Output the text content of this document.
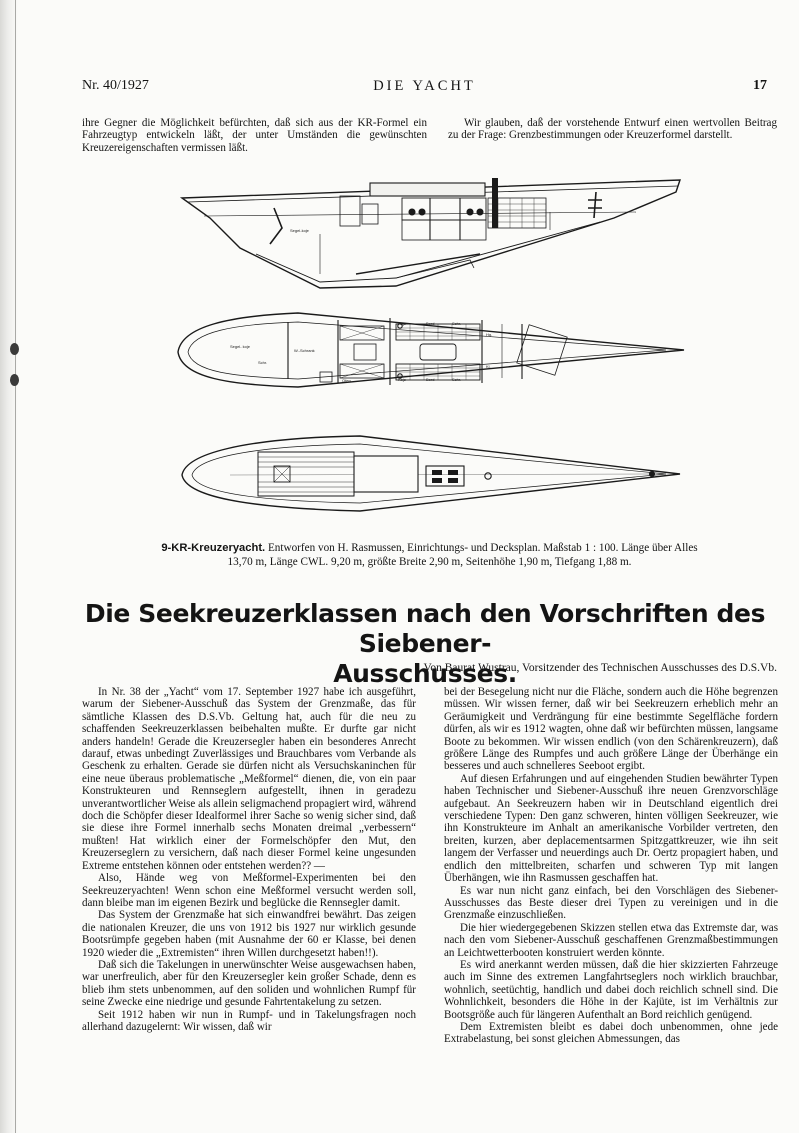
Nr. 40/1927	DIE YACHT	17

ihre Gegner die Möglichkeit befürchten, daß sich aus der KR-Formel ein Fahrzeugtyp entwickeln läßt, der unter Umständen die gewünschten Kreuzereigenschaften vermissen läßt.

Wir glauben, daß der vorstehende Entwurf einen wertvollen Beitrag zu der Frage: Grenzbestimmungen oder Kreuzerformel darstellt.

Segel-koje
Segel- koje
W.-Schrank
Schr.
Bord
Koje
Hg.
Schr.
Kl.
Ofen	Koje	Bord	Schr.
9-KR-Kreuzeryacht. Entworfen von H. Rasmussen, Einrichtungs- und Decksplan. Maßstab 1 : 100. Länge über Alles
13,70 m, Länge CWL. 9,20 m, größte Breite 2,90 m, Seitenhöhe 1,90 m, Tiefgang 1,88 m.
Die Seekreuzerklassen nach den Vorschriften des Siebener-
Ausschusses.
Von Baurat Wustrau, Vorsitzender des Technischen Ausschusses des D.S.Vb.

In Nr. 38 der „Yacht“ vom 17. September 1927 habe ich ausgeführt, warum der Siebener-Ausschuß das System der Grenzmaße, das für sämtliche Klassen des D.S.Vb. Geltung hat, auch für die neu zu schaffenden Seekreuzerklassen beibehalten mußte. Er durfte gar nicht anders handeln! Gerade die Kreuzersegler haben ein besonderes Anrecht darauf, etwas unbedingt Zuverlässiges und Brauchbares vom Verbande als Geschenk zu erhalten. Gerade sie dürfen nicht als Versuchskaninchen für eine neue überaus problematische „Meßformel“ dienen, die, von ein paar Konstrukteuren und Rennseglern aufgestellt, ihnen in geradezu unverantwortlicher Weise als allein seligmachend propagiert wird, während doch die Schöpfer dieser Idealformel ihrer Sache so wenig sicher sind, daß sie diese ihre Formel innerhalb sechs Monaten dreimal „verbessern“ mußten! Hat wirklich einer der Formelschöpfer den Mut, den Kreuzerseglern zu versichern, daß nach dieser Formel keine ungesunden Extreme entstehen können oder entstehen werden?? —

Also, Hände weg von Meßformel-Experimenten bei den Seekreuzeryachten! Wenn schon eine Meßformel versucht werden soll, dann bleibe man im eigenen Bezirk und beglücke die Rennsegler damit.

Das System der Grenzmaße hat sich einwandfrei bewährt. Das zeigen die nationalen Kreuzer, die uns von 1912 bis 1927 nur wirklich gesunde Bootsrümpfe gegeben haben (mit Ausnahme der 60 er Klasse, bei denen 1920 wieder die „Extremisten“ ihren Willen durchgesetzt haben!!).

Daß sich die Takelungen in unerwünschter Weise ausgewachsen haben, war unerfreulich, aber für den Kreuzersegler kein großer Schade, denn es blieb ihm stets unbenommen, auf den soliden und wohnlichen Rumpf für seine Zwecke eine niedrige und gesunde Fahrtentakelung zu setzen.

Seit 1912 haben wir nun in Rumpf- und in Takelungsfragen noch allerhand dazugelernt: Wir wissen, daß wir

bei der Besegelung nicht nur die Fläche, sondern auch die Höhe begrenzen müssen. Wir wissen ferner, daß wir bei Seekreuzern erheblich mehr an Geräumigkeit und Verdrängung für eine bestimmte Segelfläche fordern dürfen, als wir es 1912 wagten, ohne daß wir befürchten müssen, langsame Boote zu bekommen. Wir wissen endlich (von den Schärenkreuzern), daß größere Länge des Rumpfes und auch größere Länge der Überhänge ein besseres und auch schnelleres Seeboot ergibt.

Auf diesen Erfahrungen und auf eingehenden Studien bewährter Typen haben Technischer und Siebener-Ausschuß ihre neuen Grenzvorschläge aufgebaut. An Seekreuzern haben wir in Deutschland eigentlich drei verschiedene Typen: Den ganz schweren, hinten völligen Seekreuzer, wie ihn Konstrukteure im Anhalt an amerikanische Vorbilder vertreten, den breiten, kurzen, aber deplacementsarmen Spitzgattkreuzer, wie ihn seit langem der Verfasser und neuerdings auch Dr. Oertz propagiert haben, und endlich den mittelbreiten, scharfen und schweren Typ mit langen Überhängen, wie ihn Rasmussen geschaffen hat.

Es war nun nicht ganz einfach, bei den Vorschlägen des Siebener-Ausschusses das Beste dieser drei Typen zu vereinigen und in die Grenzmaße einzuschließen.

Die hier wiedergegebenen Skizzen stellen etwa das Extremste dar, was nach den vom Siebener-Ausschuß geschaffenen Grenzmaßbestimmungen an Leichtwetterbooten konstruiert werden könnte.

Es wird anerkannt werden müssen, daß die hier skizzierten Fahrzeuge auch im Sinne des extremen Langfahrtseglers noch wirklich brauchbar, wohnlich, seetüchtig, handlich und dabei doch reichlich schnell sind. Die Wohnlichkeit, besonders die Höhe in der Kajüte, ist im Verhältnis zur Bootsgröße auch für längeren Aufenthalt an Bord reichlich genügend.

Dem Extremisten bleibt es dabei doch unbenommen, ohne jede Extrabelastung, bei sonst gleichen Abmessungen, das
